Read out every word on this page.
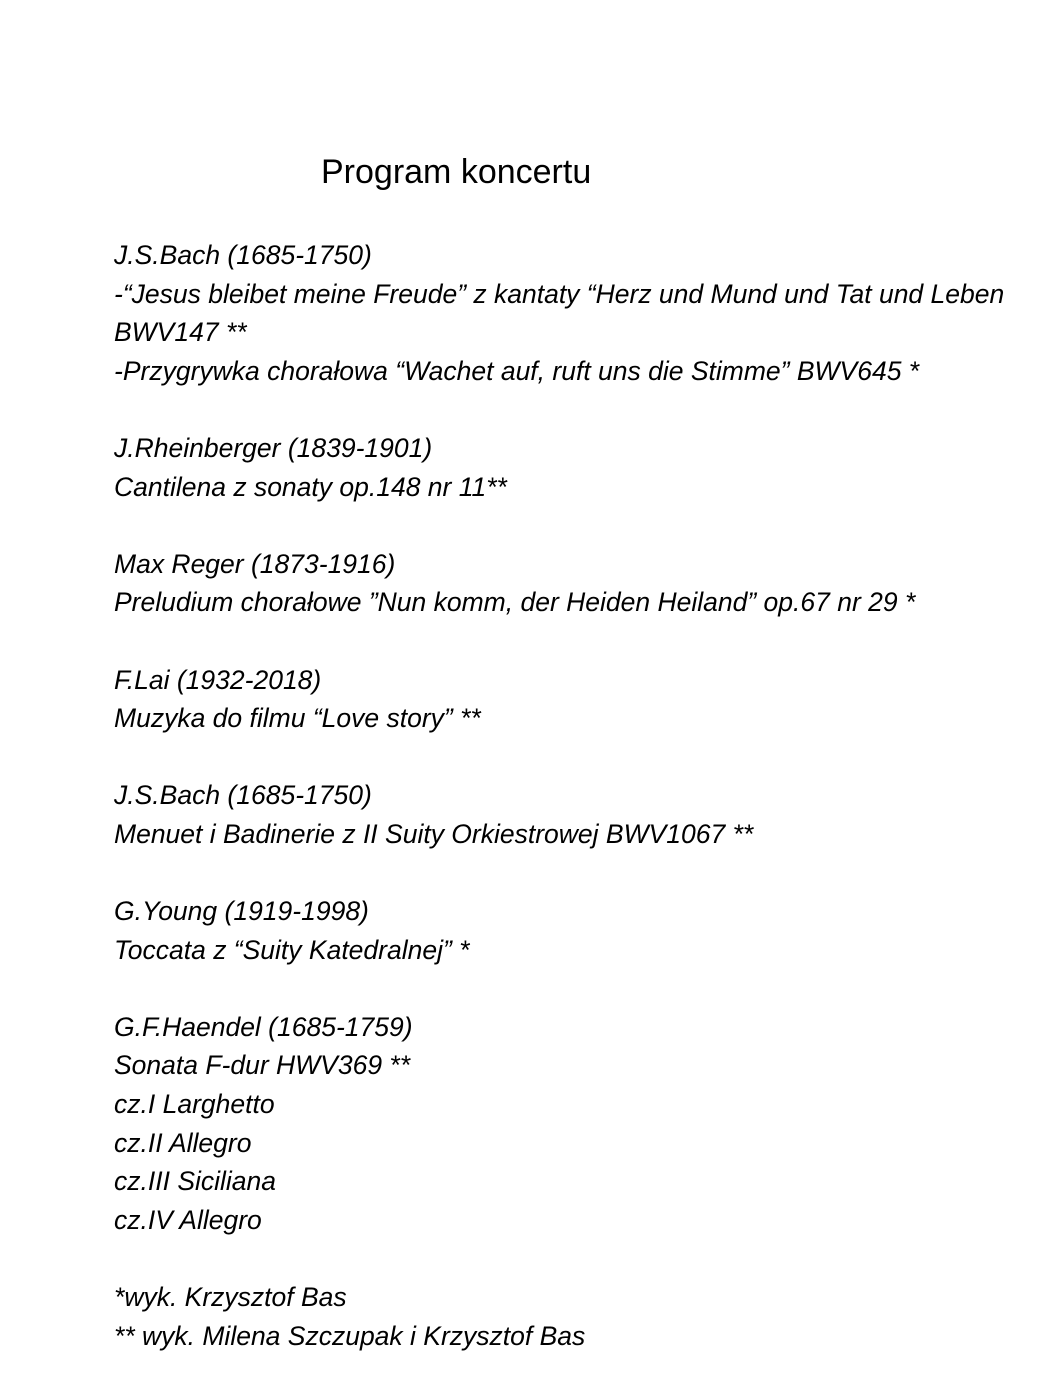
Program koncertu
J.S.Bach (1685-1750)
-“Jesus bleibet meine Freude” z kantaty “Herz und Mund und Tat und Leben BWV147 **
-Przygrywka chorałowa “Wachet auf, ruft uns die Stimme” BWV645 *
J.Rheinberger (1839-1901)
Cantilena z sonaty op.148 nr 11**
Max Reger (1873-1916)
Preludium chorałowe ”Nun komm, der Heiden Heiland” op.67 nr 29 *
F.Lai (1932-2018)
Muzyka do filmu “Love story” **
J.S.Bach (1685-1750)
Menuet i Badinerie z II Suity Orkiestrowej BWV1067 **
G.Young (1919-1998)
Toccata z “Suity Katedralnej” *
G.F.Haendel (1685-1759)
Sonata F-dur HWV369 **
cz.I Larghetto
cz.II Allegro
cz.III Siciliana
cz.IV Allegro
*wyk. Krzysztof Bas
** wyk. Milena Szczupak i Krzysztof Bas
